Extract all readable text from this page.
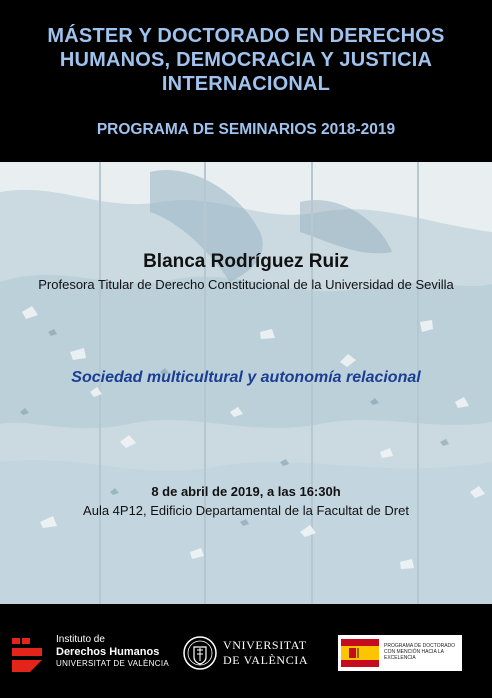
MÁSTER Y DOCTORADO EN DERECHOS
HUMANOS, DEMOCRACIA Y JUSTICIA
INTERNACIONAL
PROGRAMA DE SEMINARIOS 2018-2019
Blanca Rodríguez Ruiz
Profesora Titular de Derecho Constitucional de la Universidad de Sevilla
Sociedad multicultural y autonomía relacional
8 de abril de 2019, a las 16:30h
Aula 4P12, Edificio Departamental de la Facultat de Dret
Instituto de
Derechos Humanos
UNIVERSITAT DE VALÈNCIA
VNIVERSITAT
DE VALÈNCIA
PROGRAMA DE DOCTORADO CON MENCIÓN HACIA LA EXCELENCIA
